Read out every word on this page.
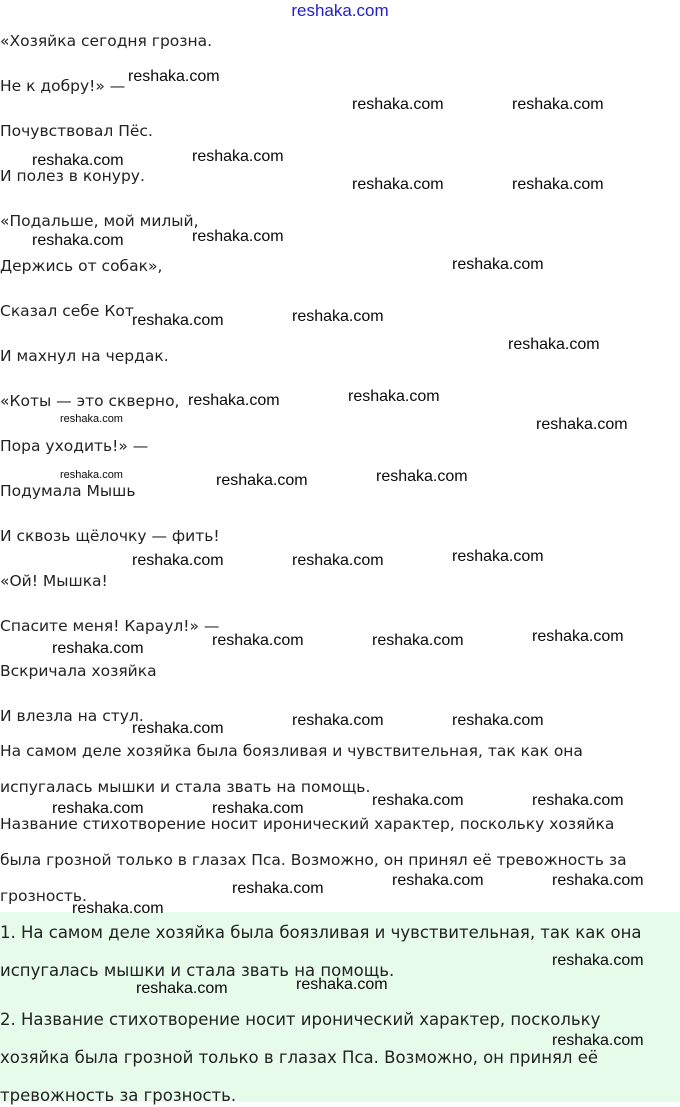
reshaka.com
«Хозяйка сегодня грозна.
Не к добру!» —
Почувствовал Пёс.
И полез в конуру.
«Подальше, мой милый,
Держись от собак»,
Сказал себе Кот
И махнул на чердак.
«Коты — это скверно,
Пора уходить!» —
Подумала Мышь
И сквозь щёлочку — фить!
«Ой! Мышка!
Спасите меня! Караул!» —
Вскричала хозяйка
И влезла на стул.
На самом деле хозяйка была боязливая и чувствительная, так как она
испугалась мышки и стала звать на помощь.
Название стихотворение носит иронический характер, поскольку хозяйка
была грозной только в глазах Пса. Возможно, он принял её тревожность за
грозность.
1. На самом деле хозяйка была боязливая и чувствительная, так как она
испугалась мышки и стала звать на помощь.
2. Название стихотворение носит иронический характер, поскольку
хозяйка была грозной только в глазах Пса. Возможно, он принял её
тревожность за грозность.
reshaka.com
reshaka.com	reshaka.com
reshaka.com	reshaka.com
reshaka.com	reshaka.com
reshaka.com	reshaka.com
reshaka.com
reshaka.com	reshaka.com
reshaka.com
reshaka.com	reshaka.com
reshaka.com	reshaka.com
reshaka.com	reshaka.com	reshaka.com
reshaka.com	reshaka.com	reshaka.com
reshaka.com	reshaka.com	reshaka.com
reshaka.com
reshaka.com	reshaka.com	reshaka.com
reshaka.com	reshaka.com	reshaka.com	reshaka.com
reshaka.com	reshaka.com	reshaka.com
reshaka.com
reshaka.com
reshaka.com	reshaka.com
reshaka.com
